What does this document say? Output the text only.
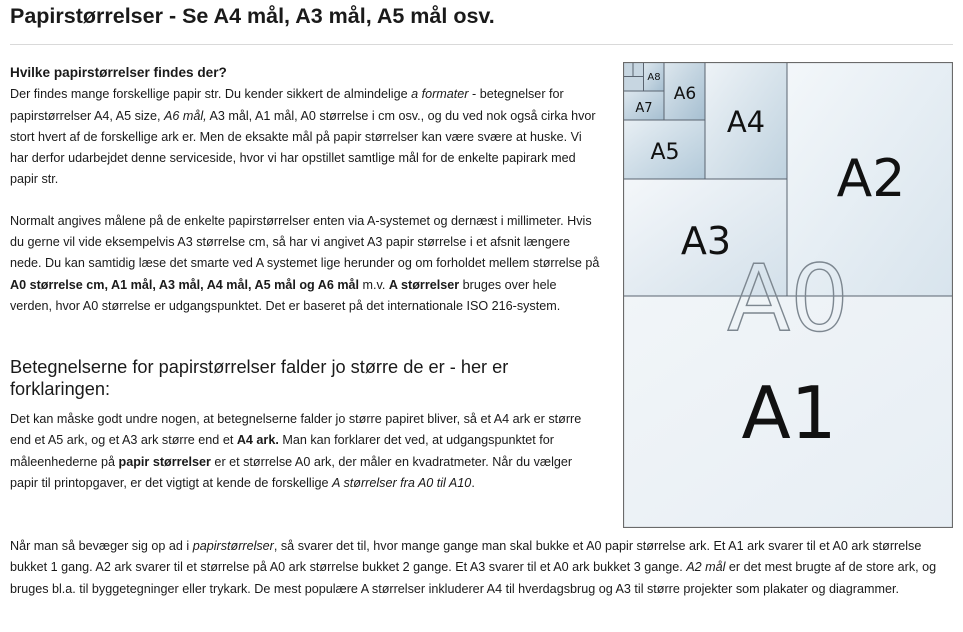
Papirstørrelser - Se A4 mål, A3 mål, A5 mål osv.

Hvilke papirstørrelser findes der?

Der findes mange forskellige papir str. Du kender sikkert de almindelige a formater - betegnelser for papirstørrelser A4, A5 size, A6 mål, A3 mål, A1 mål, A0 størrelse i cm osv., og du ved nok også cirka hvor stort hvert af de forskellige ark er. Men de eksakte mål på papir størrelser kan være svære at huske. Vi har derfor udarbejdet denne serviceside, hvor vi har opstillet samtlige mål for de enkelte papirark med papir str.

Normalt angives målene på de enkelte papirstørrelser enten via A-systemet og dernæst i millimeter. Hvis du gerne vil vide eksempelvis A3 størrelse cm, så har vi angivet A3 papir størrelse i et afsnit længere nede. Du kan samtidig læse det smarte ved A systemet lige herunder og om forholdet mellem størrelse på A0 størrelse cm, A1 mål, A3 mål, A4 mål, A5 mål og A6 mål m.v. A størrelser bruges over hele verden, hvor A0 størrelse er udgangspunktet. Det er baseret på det internationale ISO 216-system.

Betegnelserne for papirstørrelser falder jo større de er - her er forklaringen:

Det kan måske godt undre nogen, at betegnelserne falder jo større papiret bliver, så et A4 ark er større end et A5 ark, og et A3 ark større end et A4 ark. Man kan forklarer det ved, at udgangspunktet for måleenhederne på papir størrelser er et størrelse A0 ark, der måler en kvadratmeter. Når du vælger papir til printopgaver, er det vigtigt at kende de forskellige A størrelser fra A0 til A10.

Når man så bevæger sig op ad i papirstørrelser, så svarer det til, hvor mange gange man skal bukke et A0 papir størrelse ark. Et A1 ark svarer til et A0 ark størrelse bukket 1 gang. A2 ark svarer til et størrelse på A0 ark størrelse bukket 2 gange. Et A3 svarer til et A0 ark bukket 3 gange. A2 mål er det mest brugte af de store ark, og bruges bl.a. til byggetegninger eller trykark. De mest populære A størrelser inkluderer A4 til hverdagsbrug og A3 til større projekter som plakater og diagrammer.

A0
A1
A2
A3
A4
A5
A6
A7
A8
